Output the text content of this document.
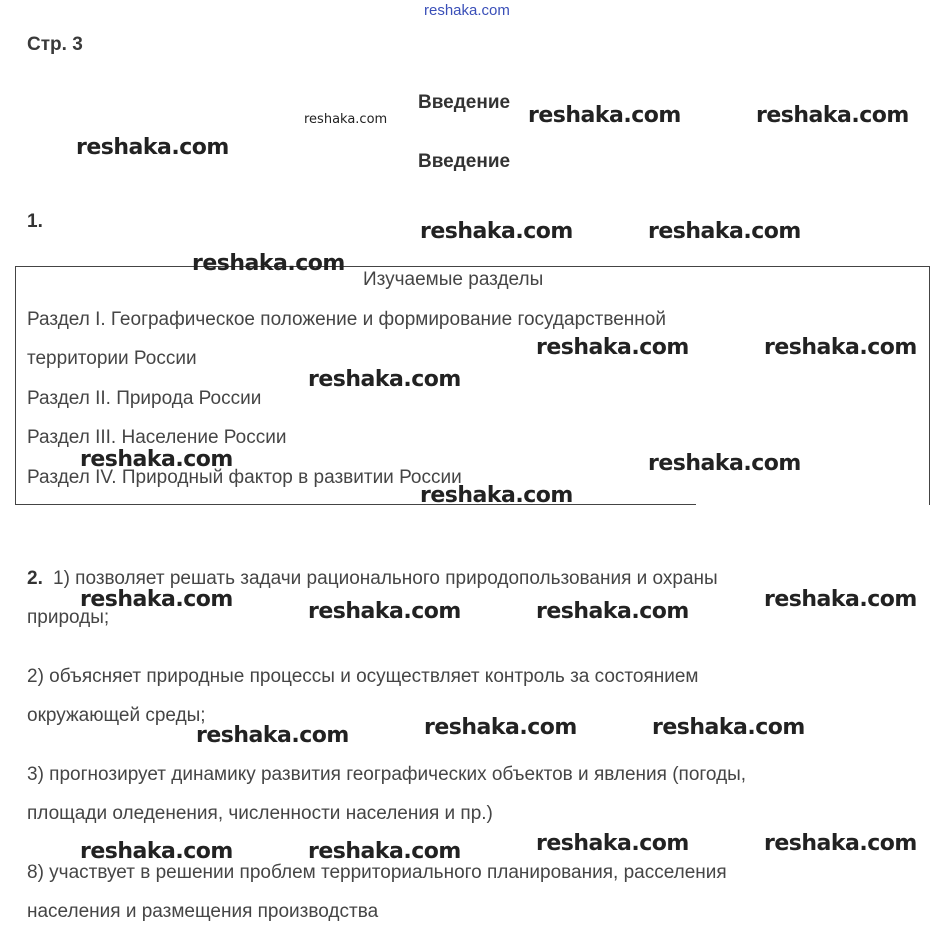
reshaka.com
Стр. 3
Введение
Введение
1.
Изучаемые разделы
Раздел I. Географическое положение и формирование государственной
территории России
Раздел II. Природа России
Раздел III. Население России
Раздел IV. Природный фактор в развитии России
2. 1) позволяет решать задачи рационального природопользования и охраны
природы;
2) объясняет природные процессы и осуществляет контроль за состоянием
окружающей среды;
3) прогнозирует динамику развития географических объектов и явления (погоды,
площади оледенения, численности населения и пр.)
8) участвует в решении проблем территориального планирования, расселения
населения и размещения производства
reshaka.com	reshaka.com	reshaka.com
reshaka.com
reshaka.com	reshaka.com
reshaka.com
reshaka.com	reshaka.com
reshaka.com
reshaka.com	reshaka.com
reshaka.com
reshaka.com	reshaka.com
reshaka.com	reshaka.com
reshaka.com	reshaka.com
reshaka.com
reshaka.com	reshaka.com
reshaka.com	reshaka.com
